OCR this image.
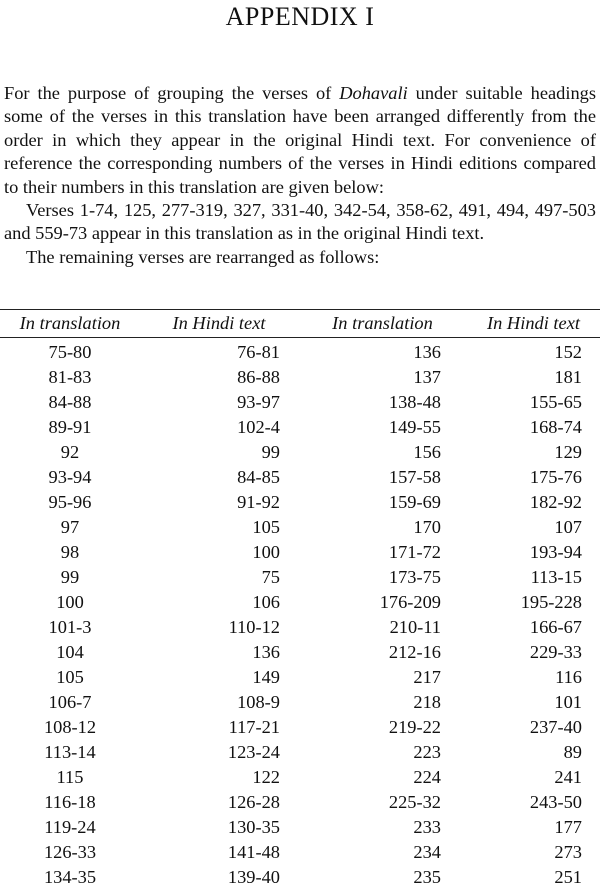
APPENDIX I

For the purpose of grouping the verses of Dohavali under suitable headings some of the verses in this translation have been arranged differently from the order in which they appear in the original Hindi text. For convenience of reference the corresponding numbers of the verses in Hindi editions compared to their numbers in this translation are given below:

Verses 1-74, 125, 277-319, 327, 331-40, 342-54, 358-62, 491, 494, 497-503 and 559-73 appear in this translation as in the original Hindi text.

The remaining verses are rearranged as follows:

In translation	In Hindi text	In translation	In Hindi text
75-80	76-81	136	152
81-83	86-88	137	181
84-88	93-97	138-48	155-65
89-91	102-4	149-55	168-74
92	99	156	129
93-94	84-85	157-58	175-76
95-96	91-92	159-69	182-92
97	105	170	107
98	100	171-72	193-94
99	75	173-75	113-15
100	106	176-209	195-228
101-3	110-12	210-11	166-67
104	136	212-16	229-33
105	149	217	116
106-7	108-9	218	101
108-12	117-21	219-22	237-40
113-14	123-24	223	89
115	122	224	241
116-18	126-28	225-32	243-50
119-24	130-35	233	177
126-33	141-48	234	273
134-35	139-40	235	251
